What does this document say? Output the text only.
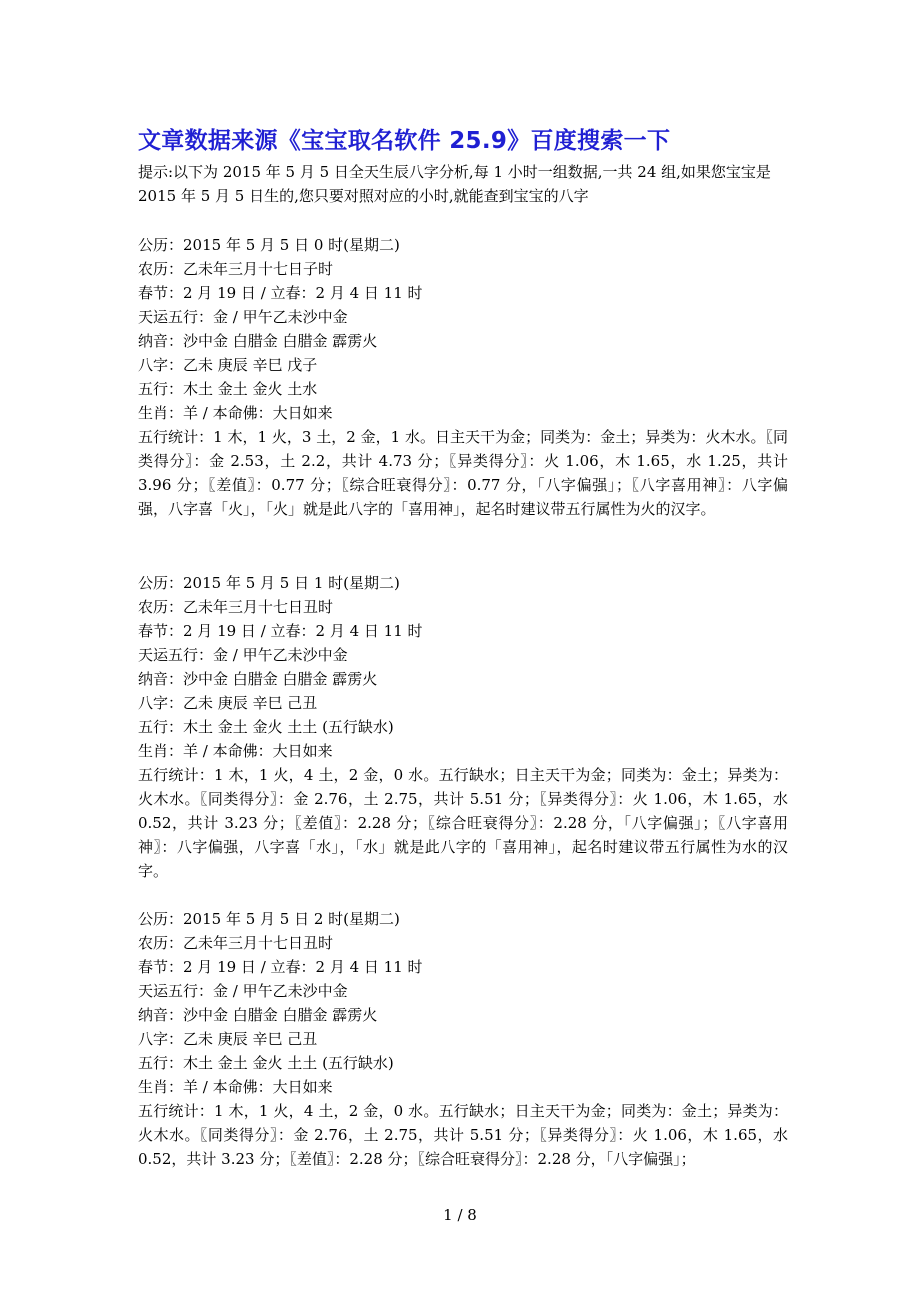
文章数据来源《宝宝取名软件 25.9》百度搜索一下

提示:以下为 2015 年 5 月 5 日全天生辰八字分析,每 1 小时一组数据,一共 24 组,如果您宝宝是 2015 年 5 月 5 日生的,您只要对照对应的小时,就能查到宝宝的八字

公历：2015 年 5 月 5 日 0 时(星期二)

农历：乙未年三月十七日子时

春节：2 月 19 日 / 立春：2 月 4 日 11 时

天运五行：金 / 甲午乙未沙中金

纳音：沙中金 白腊金 白腊金 霹雳火

八字：乙未 庚辰 辛巳 戊子

五行：木土 金土 金火 土水

生肖：羊 / 本命佛：大日如来

五行统计：1 木，1 火，3 土，2 金，1 水。日主天干为金；同类为：金土；异类为：火木水。〖同类得分〗：金 2.53，土 2.2，共计 4.73 分；〖异类得分〗：火 1.06，木 1.65，水 1.25，共计 3.96 分；〖差值〗：0.77 分；〖综合旺衰得分〗：0.77 分，「八字偏强」；〖八字喜用神〗：八字偏强，八字喜「火」，「火」就是此八字的「喜用神」，起名时建议带五行属性为火的汉字。

公历：2015 年 5 月 5 日 1 时(星期二)

农历：乙未年三月十七日丑时

春节：2 月 19 日 / 立春：2 月 4 日 11 时

天运五行：金 / 甲午乙未沙中金

纳音：沙中金 白腊金 白腊金 霹雳火

八字：乙未 庚辰 辛巳 己丑

五行：木土 金土 金火 土土 (五行缺水)

生肖：羊 / 本命佛：大日如来

五行统计：1 木，1 火，4 土，2 金，0 水。五行缺水；日主天干为金；同类为：金土；异类为：火木水。〖同类得分〗：金 2.76，土 2.75，共计 5.51 分；〖异类得分〗：火 1.06，木 1.65，水 0.52，共计 3.23 分；〖差值〗：2.28 分；〖综合旺衰得分〗：2.28 分，「八字偏强」；〖八字喜用神〗：八字偏强，八字喜「水」，「水」就是此八字的「喜用神」，起名时建议带五行属性为水的汉字。

公历：2015 年 5 月 5 日 2 时(星期二)

农历：乙未年三月十七日丑时

春节：2 月 19 日 / 立春：2 月 4 日 11 时

天运五行：金 / 甲午乙未沙中金

纳音：沙中金 白腊金 白腊金 霹雳火

八字：乙未 庚辰 辛巳 己丑

五行：木土 金土 金火 土土 (五行缺水)

生肖：羊 / 本命佛：大日如来

五行统计：1 木，1 火，4 土，2 金，0 水。五行缺水；日主天干为金；同类为：金土；异类为：火木水。〖同类得分〗：金 2.76，土 2.75，共计 5.51 分；〖异类得分〗：火 1.06，木 1.65，水 0.52，共计 3.23 分；〖差值〗：2.28 分；〖综合旺衰得分〗：2.28 分，「八字偏强」；

1 / 8
